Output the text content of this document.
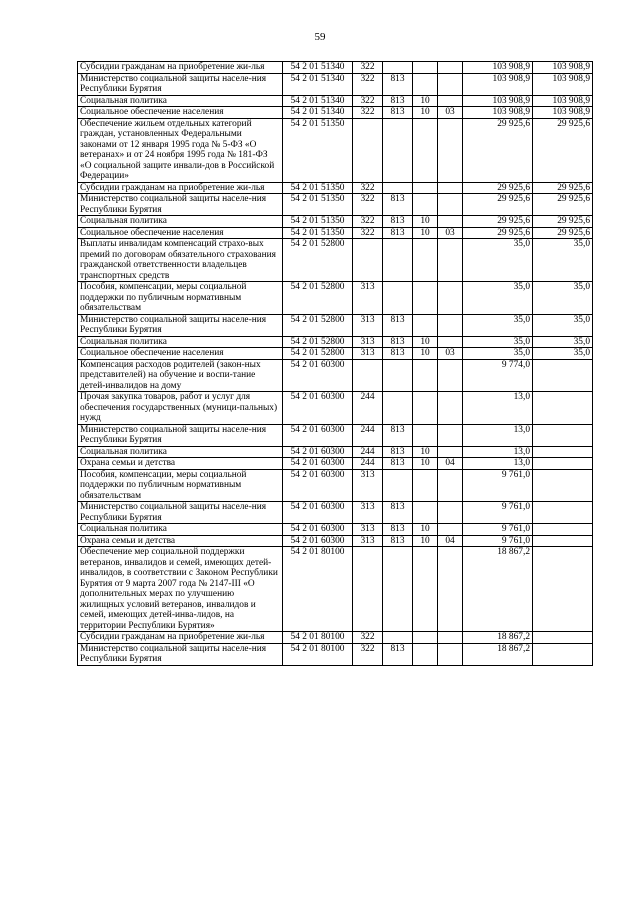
59
Субсидии гражданам на приобретение жи-лья	54 2 01 51340	322				103 908,9	103 908,9
Министерство социальной защиты населе-ния Республики Бурятия	54 2 01 51340	322	813			103 908,9	103 908,9
Социальная политика	54 2 01 51340	322	813	10		103 908,9	103 908,9
Социальное обеспечение населения	54 2 01 51340	322	813	10	03	103 908,9	103 908,9
Обеспечение жильем отдельных категорий граждан, установленных Федеральными законами от 12 января 1995 года № 5-ФЗ «О ветеранах» и от 24 ноября 1995 года № 181-ФЗ «О социальной защите инвали-дов в Российской Федерации»	54 2 01 51350					29 925,6	29 925,6
Субсидии гражданам на приобретение жи-лья	54 2 01 51350	322				29 925,6	29 925,6
Министерство социальной защиты населе-ния Республики Бурятия	54 2 01 51350	322	813			29 925,6	29 925,6
Социальная политика	54 2 01 51350	322	813	10		29 925,6	29 925,6
Социальное обеспечение населения	54 2 01 51350	322	813	10	03	29 925,6	29 925,6
Выплаты инвалидам компенсаций страхо-вых премий по договорам обязательного страхования гражданской ответственности владельцев транспортных средств	54 2 01 52800					35,0	35,0
Пособия, компенсации, меры социальной поддержки по публичным нормативным обязательствам	54 2 01 52800	313				35,0	35,0
Министерство социальной защиты населе-ния Республики Бурятия	54 2 01 52800	313	813			35,0	35,0
Социальная политика	54 2 01 52800	313	813	10		35,0	35,0
Социальное обеспечение населения	54 2 01 52800	313	813	10	03	35,0	35,0
Компенсация расходов родителей (закон-ных представителей) на обучение и воспи-тание детей-инвалидов на дому	54 2 01 60300					9 774,0	
Прочая закупка товаров, работ и услуг для обеспечения государственных (муници-пальных) нужд	54 2 01 60300	244				13,0	
Министерство социальной защиты населе-ния Республики Бурятия	54 2 01 60300	244	813			13,0	
Социальная политика	54 2 01 60300	244	813	10		13,0	
Охрана семьи и детства	54 2 01 60300	244	813	10	04	13,0	
Пособия, компенсации, меры социальной поддержки по публичным нормативным обязательствам	54 2 01 60300	313				9 761,0	
Министерство социальной защиты населе-ния Республики Бурятия	54 2 01 60300	313	813			9 761,0	
Социальная политика	54 2 01 60300	313	813	10		9 761,0	
Охрана семьи и детства	54 2 01 60300	313	813	10	04	9 761,0	
Обеспечение мер социальной поддержки ветеранов, инвалидов и семей, имеющих детей-инвалидов, в соответствии с Законом Республики Бурятия от 9 марта 2007 года № 2147-III «О дополнительных мерах по улучшению жилищных условий ветеранов, инвалидов и семей, имеющих детей-инва-лидов, на территории Республики Бурятия»	54 2 01 80100					18 867,2	
Субсидии гражданам на приобретение жи-лья	54 2 01 80100	322				18 867,2	
Министерство социальной защиты населе-ния Республики Бурятия	54 2 01 80100	322	813			18 867,2	
